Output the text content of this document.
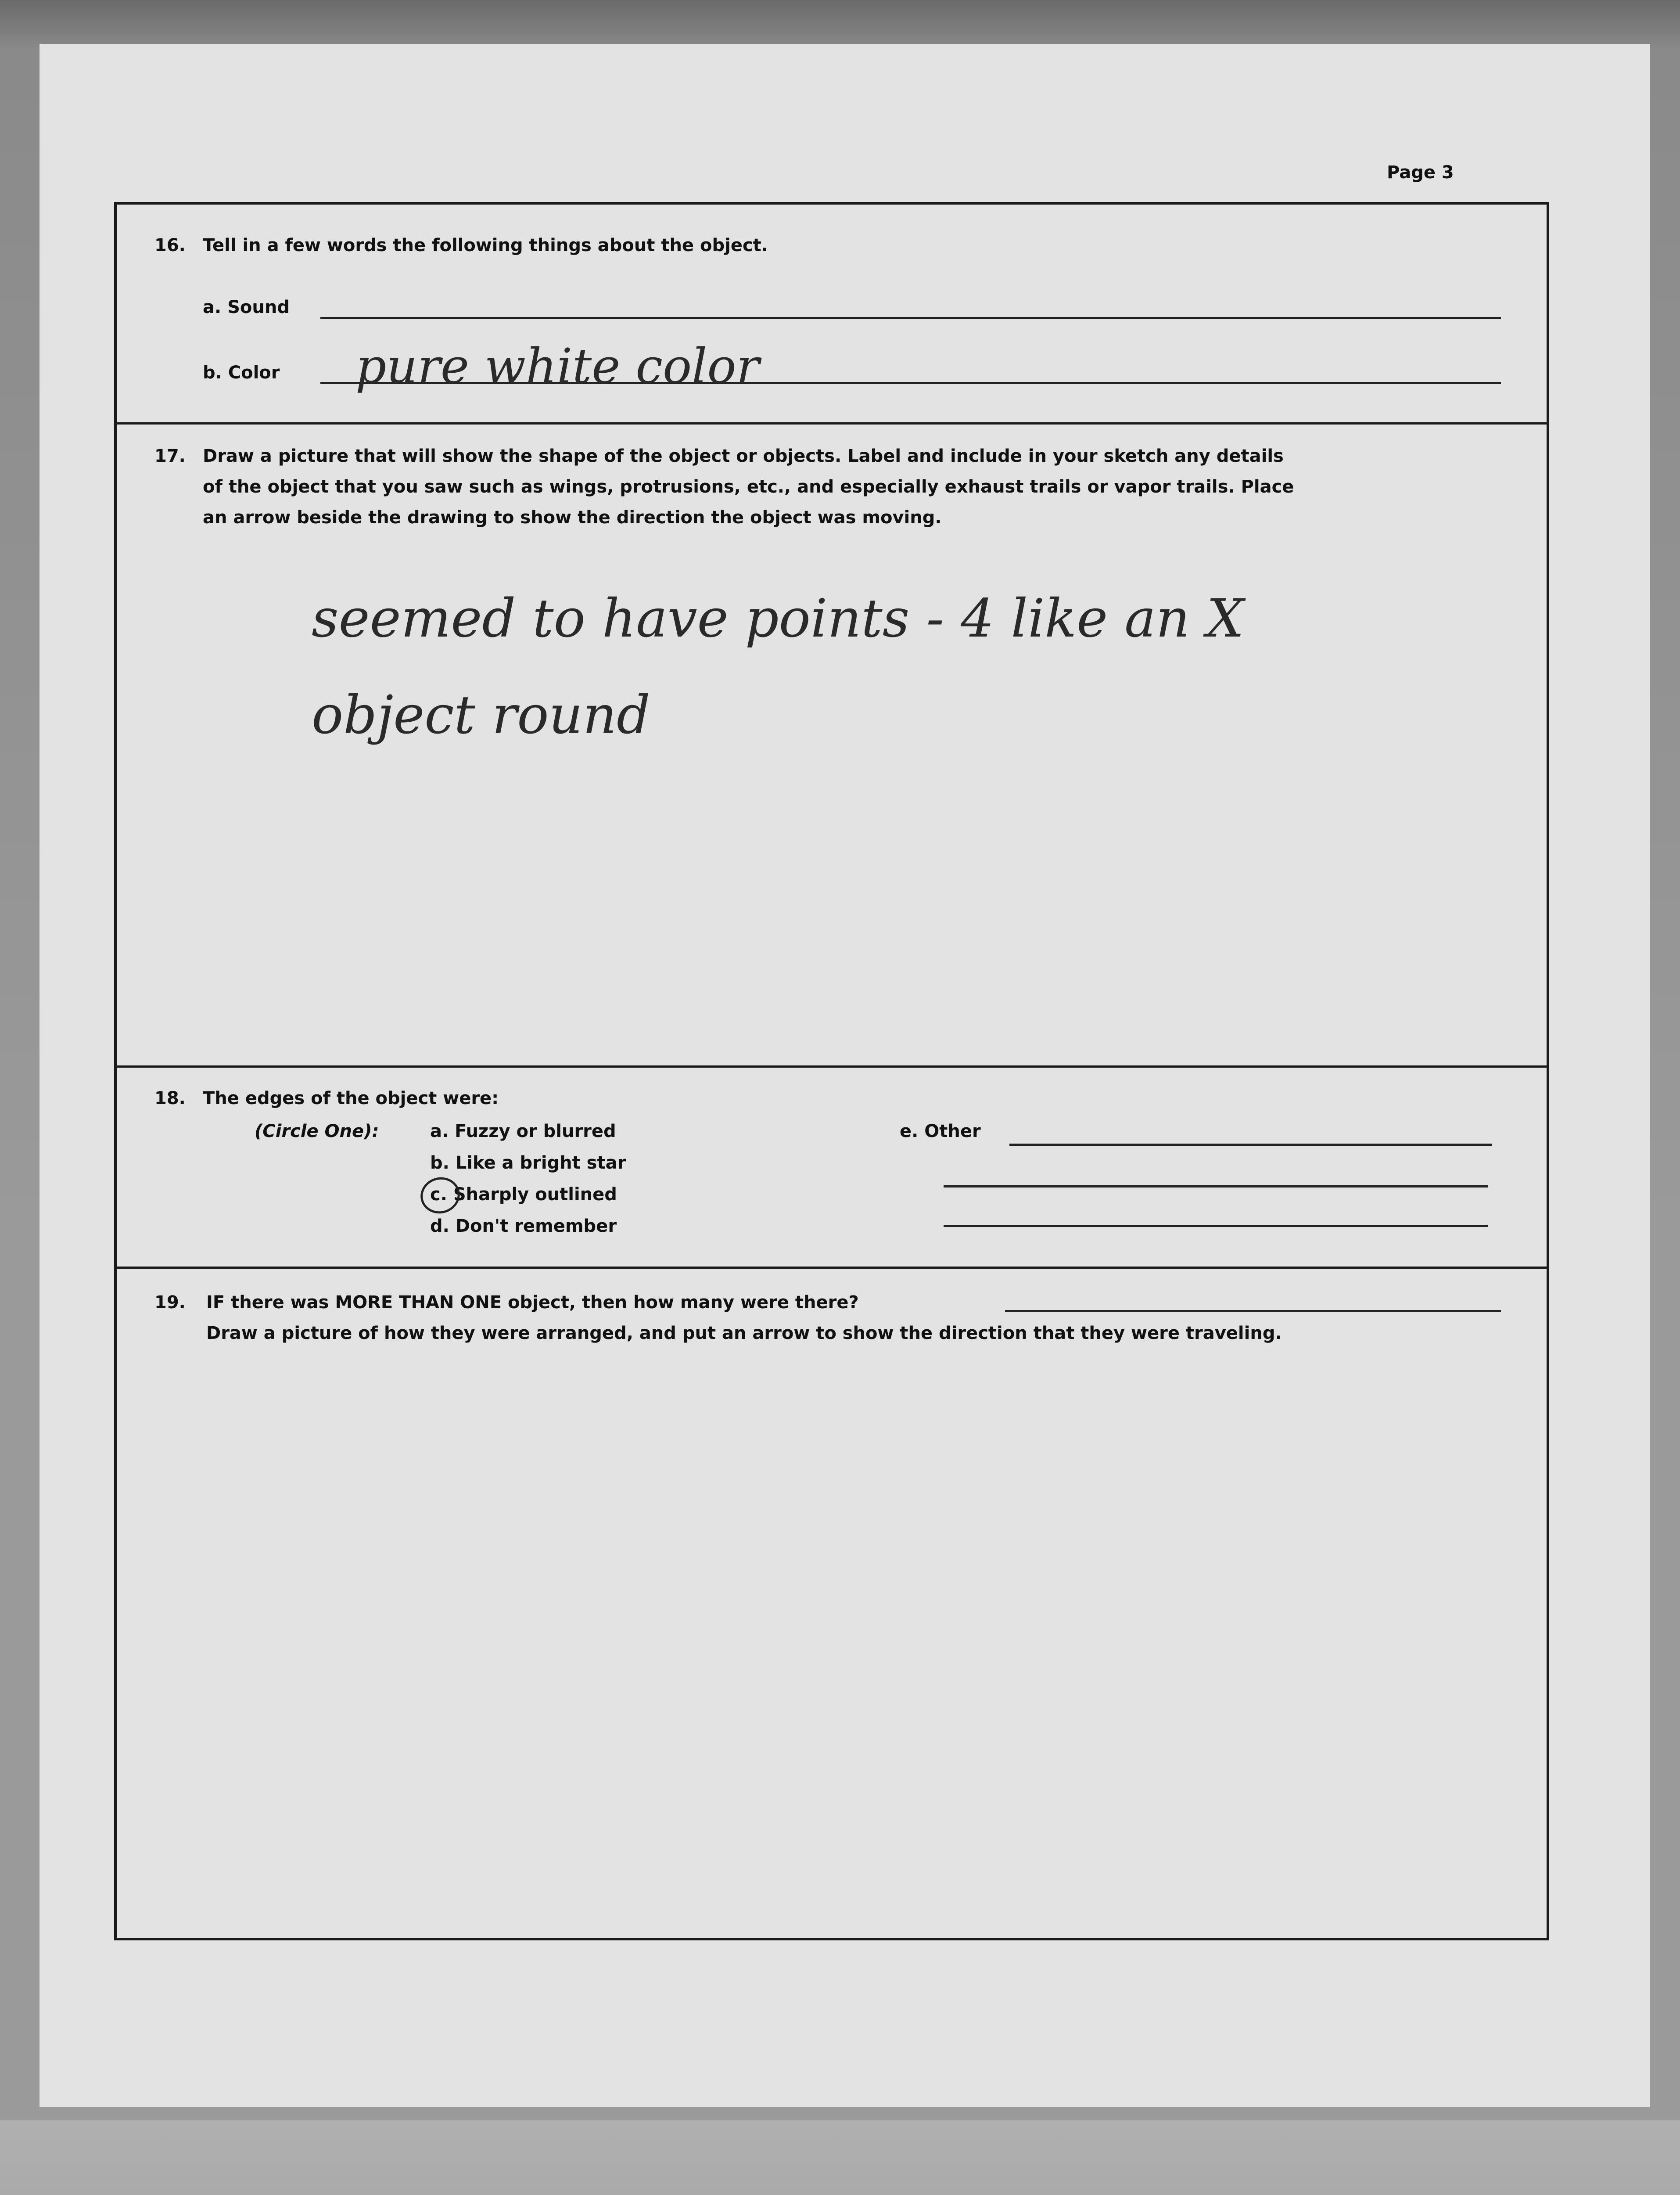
Page 3
16. Tell in a few words the following things about the object.
a. Sound
b. Color pure white color
17. Draw a picture that will show the shape of the object or objects. Label and include in your sketch any details
of the object that you saw such as wings, protrusions, etc., and especially exhaust trails or vapor trails. Place
an arrow beside the drawing to show the direction the object was moving.
seemed to have points - 4 like an X
object round
18. The edges of the object were:
(Circle One):	a. Fuzzy or blurred
b. Like a bright star
c. Sharply outlined
d. Don't remember
e. Other
19. IF there was MORE THAN ONE object, then how many were there?
Draw a picture of how they were arranged, and put an arrow to show the direction that they were traveling.
